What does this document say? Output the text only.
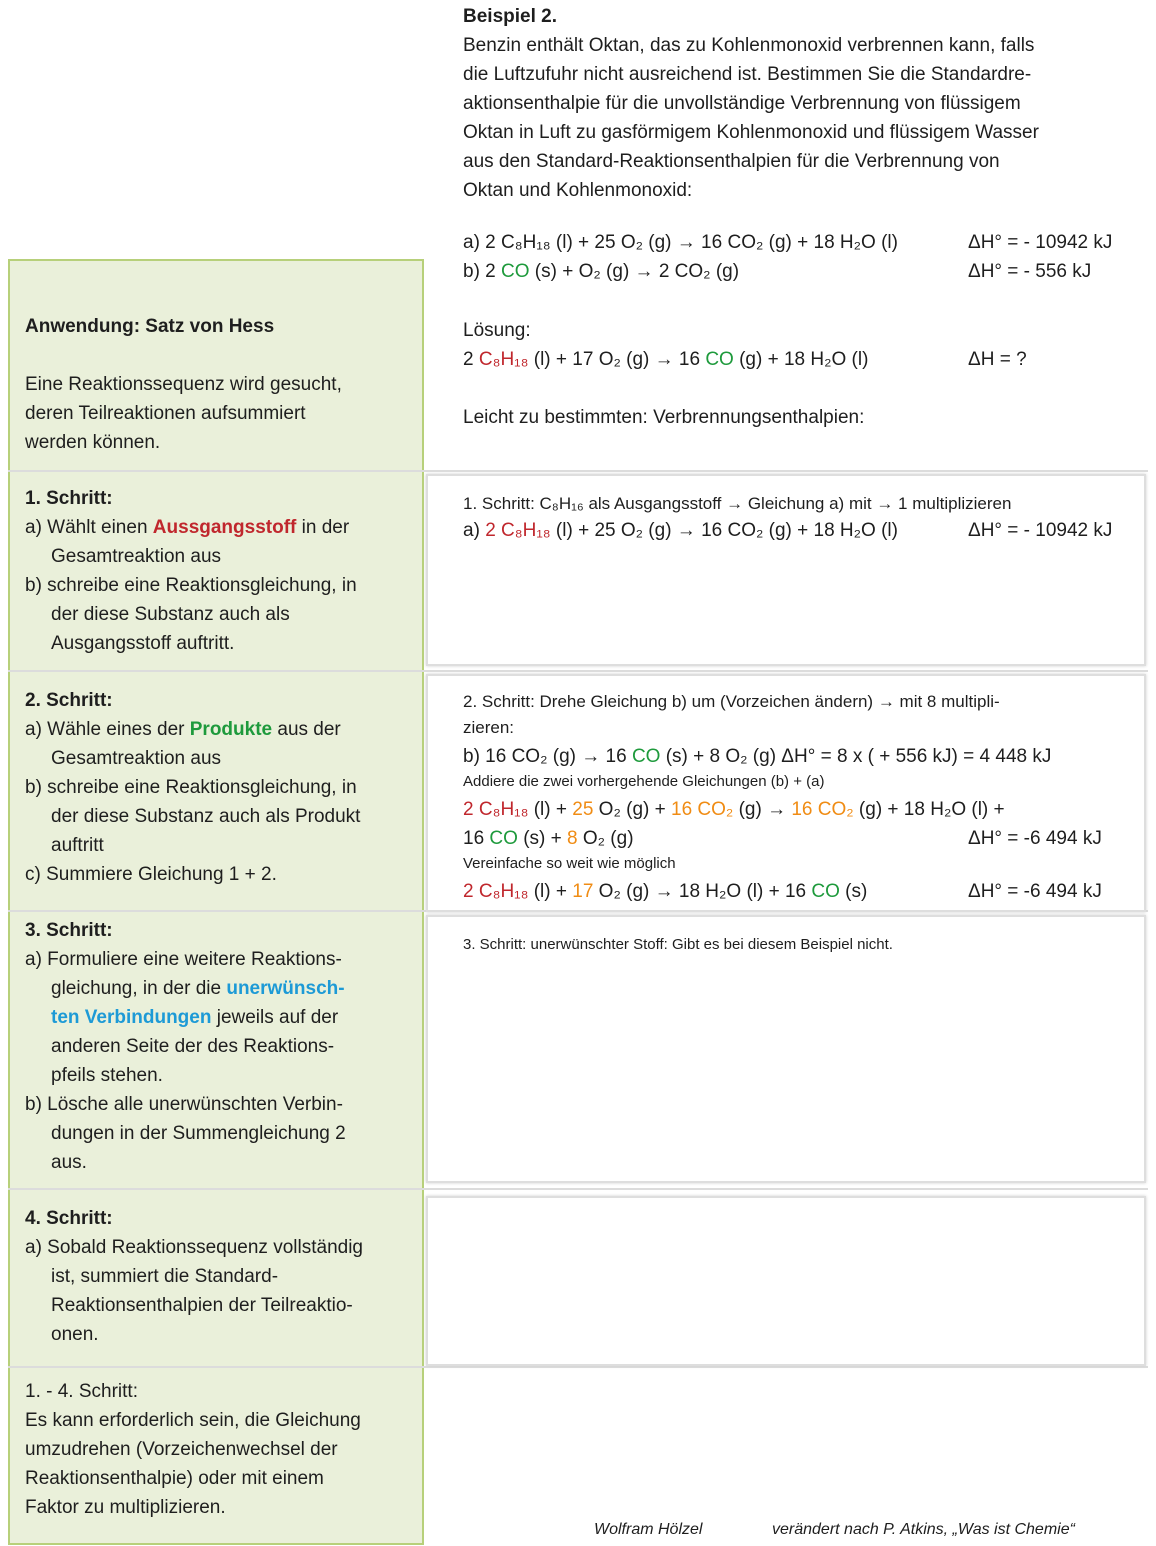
Beispiel 2.
Benzin enthält Oktan, das zu Kohlenmonoxid verbrennen kann, falls
die Luftzufuhr nicht ausreichend ist. Bestimmen Sie die Standardre-
aktionsenthalpie für die unvollständige Verbrennung von flüssigem
Oktan in Luft zu gasförmigem Kohlenmonoxid und flüssigem Wasser
aus den Standard-Reaktionsenthalpien für die Verbrennung von
Oktan und Kohlenmonoxid:
a) 2 C₈H₁₈ (l) + 25 O₂ (g) → 16 CO₂ (g) + 18 H₂O (l)	ΔH° = - 10942 kJ
b) 2 CO (s) + O₂ (g) → 2 CO₂ (g)	ΔH° = - 556 kJ
Lösung:
2 C₈H₁₈ (l) + 17 O₂ (g) → 16 CO (g) + 18 H₂O (l)	ΔH = ?
Leicht zu bestimmten: Verbrennungsenthalpien:
Anwendung: Satz von Hess
Eine Reaktionssequenz wird gesucht,
deren Teilreaktionen aufsummiert
werden können.
1. Schritt:
a) Wählt einen Aussgangsstoff in der
Gesamtreaktion aus
b) schreibe eine Reaktionsgleichung, in
der diese Substanz auch als
Ausgangsstoff auftritt.
2. Schritt:
a) Wähle eines der Produkte aus der
Gesamtreaktion aus
b) schreibe eine Reaktionsgleichung, in
der diese Substanz auch als Produkt
auftritt
c) Summiere Gleichung 1 + 2.
3. Schritt:
a) Formuliere eine weitere Reaktions-
gleichung, in der die unerwünsch-
ten Verbindungen jeweils auf der
anderen Seite der des Reaktions-
pfeils stehen.
b) Lösche alle unerwünschten Verbin-
dungen in der Summengleichung 2
aus.
4. Schritt:
a) Sobald Reaktionssequenz vollständig
ist, summiert die Standard-
Reaktionsenthalpien der Teilreaktio-
onen.
1. - 4. Schritt:
Es kann erforderlich sein, die Gleichung
umzudrehen (Vorzeichenwechsel der
Reaktionsenthalpie) oder mit einem
Faktor zu multiplizieren.
1. Schritt: C₈H₁₆ als Ausgangsstoff → Gleichung a) mit → 1 multiplizieren
a) 2 C₈H₁₈ (l) + 25 O₂ (g) → 16 CO₂ (g) + 18 H₂O (l)	ΔH° = - 10942 kJ
2. Schritt: Drehe Gleichung b) um (Vorzeichen ändern) → mit 8 multipli-
zieren:
b) 16 CO₂ (g) → 16 CO (s) + 8 O₂ (g) ΔH° = 8 x ( + 556 kJ) = 4 448 kJ
Addiere die zwei vorhergehende Gleichungen (b) + (a)
2 C₈H₁₈ (l) + 25 O₂ (g) + 16 CO₂ (g) → 16 CO₂ (g) + 18 H₂O (l) +
16 CO (s) + 8 O₂ (g)	ΔH° = -6 494 kJ
Vereinfache so weit wie möglich
2 C₈H₁₈ (l) + 17 O₂ (g) → 18 H₂O (l) + 16 CO (s)	ΔH° = -6 494 kJ
3. Schritt: unerwünschter Stoff: Gibt es bei diesem Beispiel nicht.
Wolfram Hölzel	verändert nach P. Atkins, „Was ist Chemie“
